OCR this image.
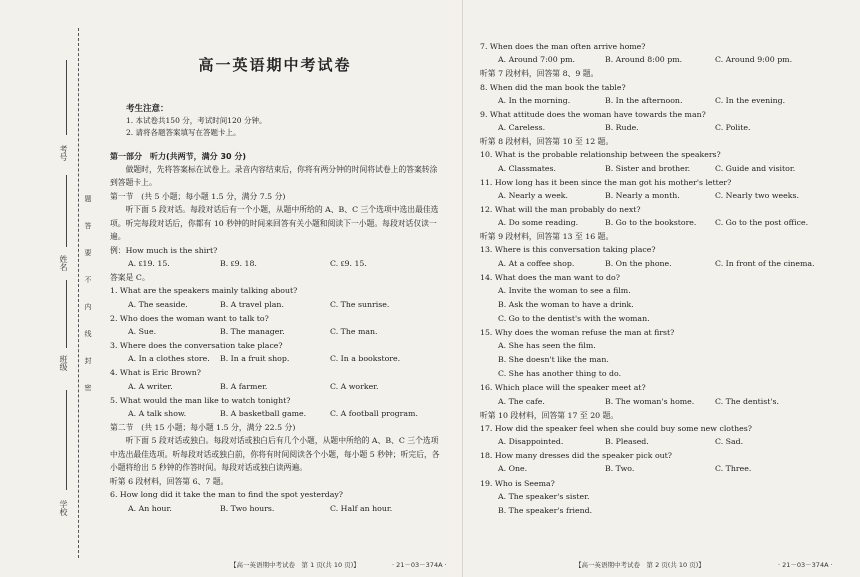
考号
姓名
班级
学校
题
答
要
不
内
线
封
密
高一英语期中考试卷
考生注意：
1. 本试卷共150 分，考试时间120 分钟。
2. 请将各题答案填写在答题卡上。
第一部分　听力(共两节，满分 30 分)
做题时，先将答案标在试卷上。录音内容结束后，你将有两分钟的时间将试卷上的答案转涂到答题卡上。
第一节　(共 5 小题；每小题 1.5 分，满分 7.5 分)
听下面 5 段对话。每段对话后有一个小题，从题中所给的 A、B、C 三个选项中选出最佳选项。听完每段对话后，你都有 10 秒钟的时间来回答有关小题和阅读下一小题。每段对话仅读一遍。
例：How much is the shirt?
A. ₤19. 15.	B. ₤9. 18.	C. ₤9. 15.
答案是 C。
1. What are the speakers mainly talking about?
A. The seaside.	B. A travel plan.	C. The sunrise.
2. Who does the woman want to talk to?
A. Sue.	B. The manager.	C. The man.
3. Where does the conversation take place?
A. In a clothes store.	B. In a fruit shop.	C. In a bookstore.
4. What is Eric Brown?
A. A writer.	B. A farmer.	C. A worker.
5. What would the man like to watch tonight?
A. A talk show.	B. A basketball game.	C. A football program.
第二节　(共 15 小题；每小题 1.5 分，满分 22.5 分)
听下面 5 段对话或独白。每段对话或独白后有几个小题，从题中所给的 A、B、C 三个选项中选出最佳选项。听每段对话或独白前，你将有时间阅读各个小题，每小题 5 秒钟；听完后，各小题将给出 5 秒钟的作答时间。每段对话或独白读两遍。
听第 6 段材料，回答第 6、7 题。
6. How long did it take the man to find the spot yesterday?
A. An hour.	B. Two hours.	C. Half an hour.
7. When does the man often arrive home?
A. Around 7:00 pm.	B. Around 8:00 pm.	C. Around 9:00 pm.
听第 7 段材料，回答第 8、9 题。
8. When did the man book the table?
A. In the morning.	B. In the afternoon.	C. In the evening.
9. What attitude does the woman have towards the man?
A. Careless.	B. Rude.	C. Polite.
听第 8 段材料，回答第 10 至 12 题。
10. What is the probable relationship between the speakers?
A. Classmates.	B. Sister and brother.	C. Guide and visitor.
11. How long has it been since the man got his mother's letter?
A. Nearly a week.	B. Nearly a month.	C. Nearly two weeks.
12. What will the man probably do next?
A. Do some reading.	B. Go to the bookstore.	C. Go to the post office.
听第 9 段材料，回答第 13 至 16 题。
13. Where is this conversation taking place?
A. At a coffee shop.	B. On the phone.	C. In front of the cinema.
14. What does the man want to do?
A. Invite the woman to see a film.
B. Ask the woman to have a drink.
C. Go to the dentist's with the woman.
15. Why does the woman refuse the man at first?
A. She has seen the film.
B. She doesn't like the man.
C. She has another thing to do.
16. Which place will the speaker meet at?
A. The cafe.	B. The woman's home.	C. The dentist's.
听第 10 段材料，回答第 17 至 20 题。
17. How did the speaker feel when she could buy some new clothes?
A. Disappointed.	B. Pleased.	C. Sad.
18. How many dresses did the speaker pick out?
A. One.	B. Two.	C. Three.
19. Who is Seema?
A. The speaker's sister.
B. The speaker's friend.
【高一英语期中考试卷　第 1 页(共 10 页)】	· 21－03－374A ·	【高一英语期中考试卷　第 2 页(共 10 页)】	· 21－03－374A ·
